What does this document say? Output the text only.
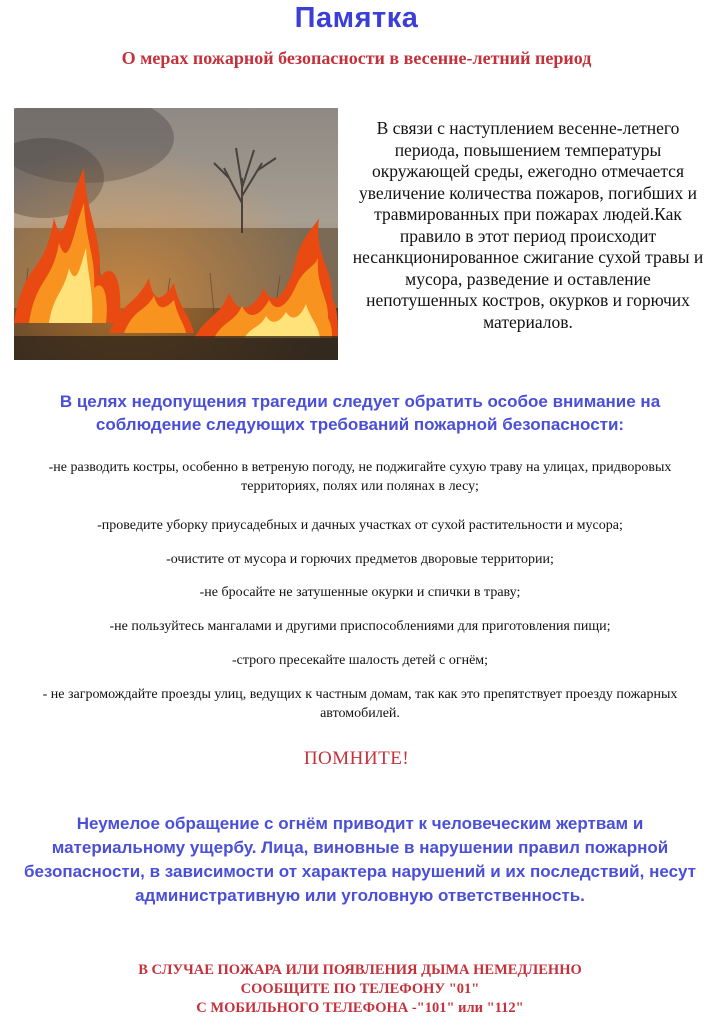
Памятка
О мерах пожарной безопасности в весенне-летний период
В связи с наступлением весенне-летнего периода, повышением температуры окружающей среды, ежегодно отмечается увеличение количества пожаров, погибших и травмированных при пожарах людей.Как правило в этот период происходит несанкционированное сжигание сухой травы и мусора, разведение и оставление непотушенных костров, окурков и горючих материалов.
В целях недопущения трагедии следует обратить особое внимание на соблюдение следующих требований пожарной безопасности:
-не разводить костры, особенно в ветреную погоду, не поджигайте сухую траву на улицах, придворовых территориях, полях или полянах в лесу;
-проведите уборку приусадебных и дачных участках от сухой растительности и мусора;
-очистите от мусора и горючих предметов дворовые территории;
-не бросайте не затушенные окурки и спички в траву;
-не пользуйтесь мангалами и другими приспособлениями для приготовления пищи;
-строго пресекайте шалость детей с огнём;
- не загромождайте проезды улиц, ведущих к частным домам, так как это препятствует проезду пожарных автомобилей.
ПОМНИТЕ!
Неумелое обращение с огнём приводит к человеческим жертвам и материальному ущербу. Лица, виновные в нарушении правил пожарной безопасности, в зависимости от характера нарушений и их последствий, несут административную или уголовную ответственность.
В СЛУЧАЕ ПОЖАРА ИЛИ ПОЯВЛЕНИЯ ДЫМА НЕМЕДЛЕННО
СООБЩИТЕ ПО ТЕЛЕФОНУ "01"
С МОБИЛЬНОГО ТЕЛЕФОНА -"101" или "112"
